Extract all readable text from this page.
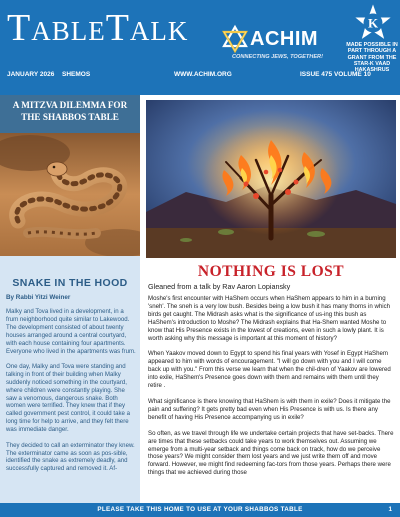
TableTalk	ACHIM
CONNECTING JEWS, TOGETHER!
K
MADE POSSIBLE IN PART THROUGH A GRANT FROM THE STAR-K VAAD HAKASHRUS
JANUARY 2026 SHEMOS	WWW.ACHIM.ORG	ISSUE 475 VOLUME 10
A MITZVA DILEMMA FOR THE SHABBOS TABLE
SNAKE IN THE HOOD
By Rabbi Yitzi Weiner

Malky and Tova lived in a development, in a frum neighborhood quite similar to Lakewood. The development consisted of about twenty houses arranged around a central courtyard, with each house containing four apartments. Everyone who lived in the apartments was frum.

One day, Malky and Tova were standing and talking in front of their building when Malky suddenly noticed something in the courtyard, where children were constantly playing. She saw a venomous, dangerous snake. Both women were terrified. They knew that if they called government pest control, it could take a long time for help to arrive, and they felt there was immediate danger.

They decided to call an exterminator they knew. The exterminator came as soon as pos-sible, identified the snake as extremely deadly, and successfully captured and removed it. Af-

NOTHING IS LOST
Gleaned from a talk by Rav Aaron Lopiansky

Moshe's first encounter with HaShem occurs when HaShem appears to him in a burning 'sneh'. The sneh is a very low bush. Besides being a low bush it has many thorns in which birds get caught. The Midrash asks what is the significance of us-ing this bush as HaShem's introduction to Moshe? The Midrash explains that Ha-Shem wanted Moshe to know that His Presence exists in the lowest of creations, even in such a lowly plant. It is worth asking why this message is important at this moment of history?

When Yaakov moved down to Egypt to spend his final years with Yosef in Egypt HaShem appeared to him with words of encouragement. "I will go down with you and I will come back up with you." From this verse we learn that when the chil-dren of Yaakov are lowered into exile, HaShem's Presence goes down with them and remains with them until they retire .

What significance is there knowing that HaShem is with them in exile? Does it mitigate the pain and suffering? It gets pretty bad even when His Presence is with us. Is there any benefit of having His Presence accompanying us in exile?

So often, as we travel through life we undertake certain projects that have set-backs. There are times that these setbacks could take years to work themselves out. Assuming we emerge from a multi-year setback and things come back on track, how do we perceive those years? We might consider them lost years and we just write them off and move forward. However, we might find redeeming fac-tors from those years. Perhaps there were things that we achieved during those

PLEASE TAKE THIS HOME TO USE AT YOUR SHABBOS TABLE	1
